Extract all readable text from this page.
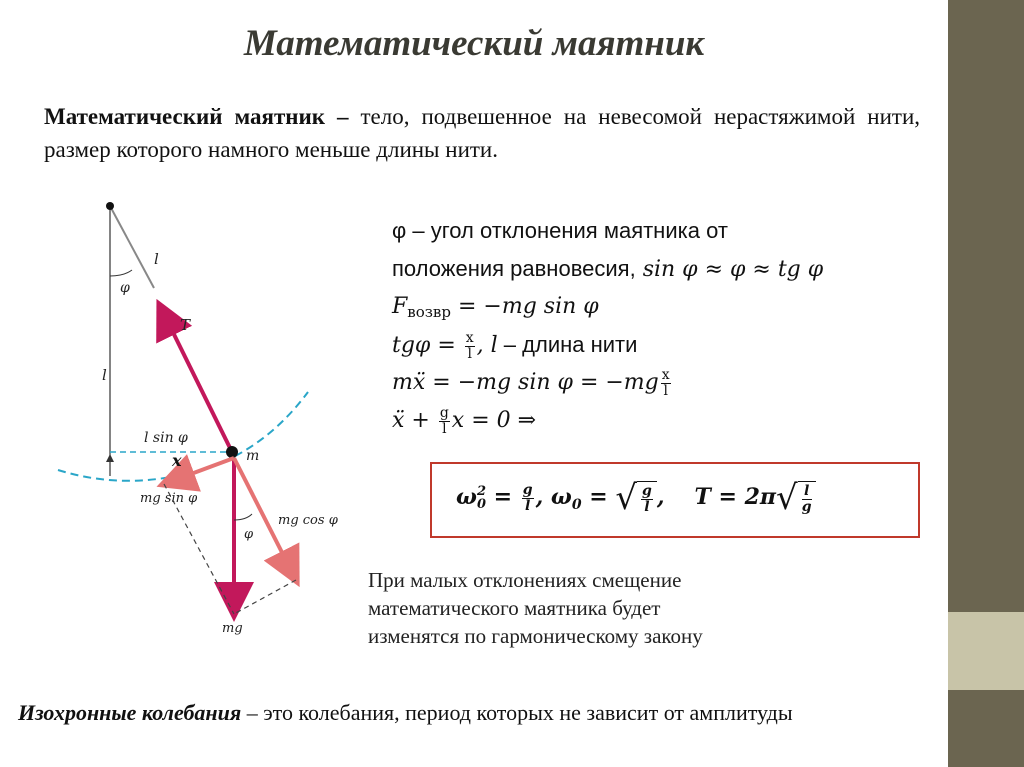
Математический маятник
Математический маятник – тело, подвешенное на невесомой нерастяжимой нити, размер которого намного меньше длины нити.
l
φ
T
l
l sin φ
x	m
mg sin φ
mg cos φ
φ
mg
φ – угол отклонения маятника от
положения равновесия, sin φ ≈ φ ≈ tg φ
$F_{возвр} = -mg$ sin φ
$tg\varphi = \frac{x}{l}$ , l – длина нити
mẍ = −mg $\sin \varphi = -mg \frac{x}{l}$
ẍ + $\frac{g}{l}$ x = 0 ⇒
ω 2
$0 = \frac{g}{l}$ , $\omega_0$ = √ $\frac{g}{l}$ , $T = 2\pi√ \frac{l}{g}$
При малых отклонениях смещение математического маятника будет изменятся по гармоническому закону
Изохронные колебания – это колебания, период которых не зависит от амплитуды
